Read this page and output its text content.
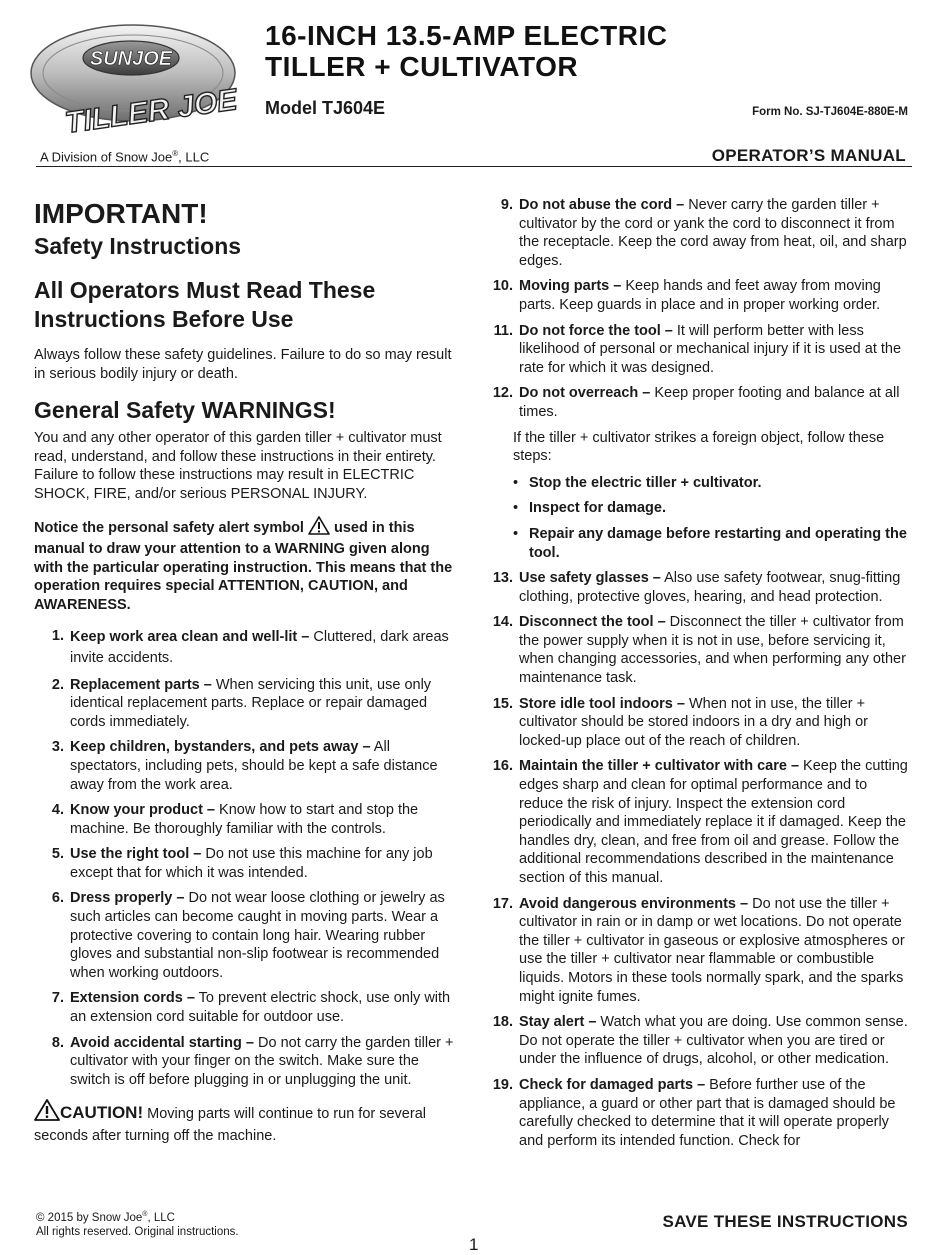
SUNJOE
TILLER JOE
16-INCH 13.5-AMP ELECTRIC
TILLER + CULTIVATOR
Model TJ604E	Form No. SJ-TJ604E-880E-M
A Division of Snow Joe®, LLC	OPERATOR’S MANUAL
IMPORTANT!
Safety Instructions
All Operators Must Read These
Instructions Before Use

Always follow these safety guidelines. Failure to do so may result in serious bodily injury or death.

General Safety WARNINGS!

You and any other operator of this garden tiller + cultivator must read, understand, and follow these instructions in their entirety. Failure to follow these instructions may result in ELECTRIC SHOCK, FIRE, and/or serious PERSONAL INJURY.

Notice the personal safety alert symbol used in this manual to draw your attention to a WARNING given along with the particular operating instruction. This means that the operation requires special ATTENTION, CAUTION, and AWARENESS.

1. Keep work area clean and well-lit – Cluttered, dark areas invite accidents.
2. Replacement parts – When servicing this unit, use only identical replacement parts. Replace or repair damaged cords immediately.
3. Keep children, bystanders, and pets away – All spectators, including pets, should be kept a safe distance away from the work area.
4. Know your product – Know how to start and stop the machine. Be thoroughly familiar with the controls.
5. Use the right tool – Do not use this machine for any job except that for which it was intended.
6. Dress properly – Do not wear loose clothing or jewelry as such articles can become caught in moving parts. Wear a protective covering to contain long hair. Wearing rubber gloves and substantial non-slip footwear is recommended when working outdoors.
7. Extension cords – To prevent electric shock, use only with an extension cord suitable for outdoor use.
8. Avoid accidental starting – Do not carry the garden tiller + cultivator with your finger on the switch. Make sure the switch is off before plugging in or unplugging the unit.

CAUTION! Moving parts will continue to run for several seconds after turning off the machine.

9. Do not abuse the cord – Never carry the garden tiller + cultivator by the cord or yank the cord to disconnect it from the receptacle. Keep the cord away from heat, oil, and sharp edges.
10. Moving parts – Keep hands and feet away from moving parts. Keep guards in place and in proper working order.
11. Do not force the tool – It will perform better with less likelihood of personal or mechanical injury if it is used at the rate for which it was designed.
12. Do not overreach – Keep proper footing and balance at all times.

If the tiller + cultivator strikes a foreign object, follow these steps:

• Stop the electric tiller + cultivator.
• Inspect for damage.
• Repair any damage before restarting and operating the tool.
13. Use safety glasses – Also use safety footwear, snug-fitting clothing, protective gloves, hearing, and head protection.
14. Disconnect the tool – Disconnect the tiller + cultivator from the power supply when it is not in use, before servicing it, when changing accessories, and when performing any other maintenance task.
15. Store idle tool indoors – When not in use, the tiller + cultivator should be stored indoors in a dry and high or locked-up place out of the reach of children.
16. Maintain the tiller + cultivator with care – Keep the cutting edges sharp and clean for optimal performance and to reduce the risk of injury. Inspect the extension cord periodically and immediately replace it if damaged. Keep the handles dry, clean, and free from oil and grease. Follow the additional recommendations described in the maintenance section of this manual.
17. Avoid dangerous environments – Do not use the tiller + cultivator in rain or in damp or wet locations. Do not operate the tiller + cultivator in gaseous or explosive atmospheres or use the tiller + cultivator near flammable or combustible liquids. Motors in these tools normally spark, and the sparks might ignite fumes.
18. Stay alert – Watch what you are doing. Use common sense. Do not operate the tiller + cultivator when you are tired or under the influence of drugs, alcohol, or other medication.
19. Check for damaged parts – Before further use of the appliance, a guard or other part that is damaged should be carefully checked to determine that it will operate properly and perform its intended function. Check for
© 2015 by Snow Joe®, LLC
All rights reserved. Original instructions.
SAVE THESE INSTRUCTIONS
1
